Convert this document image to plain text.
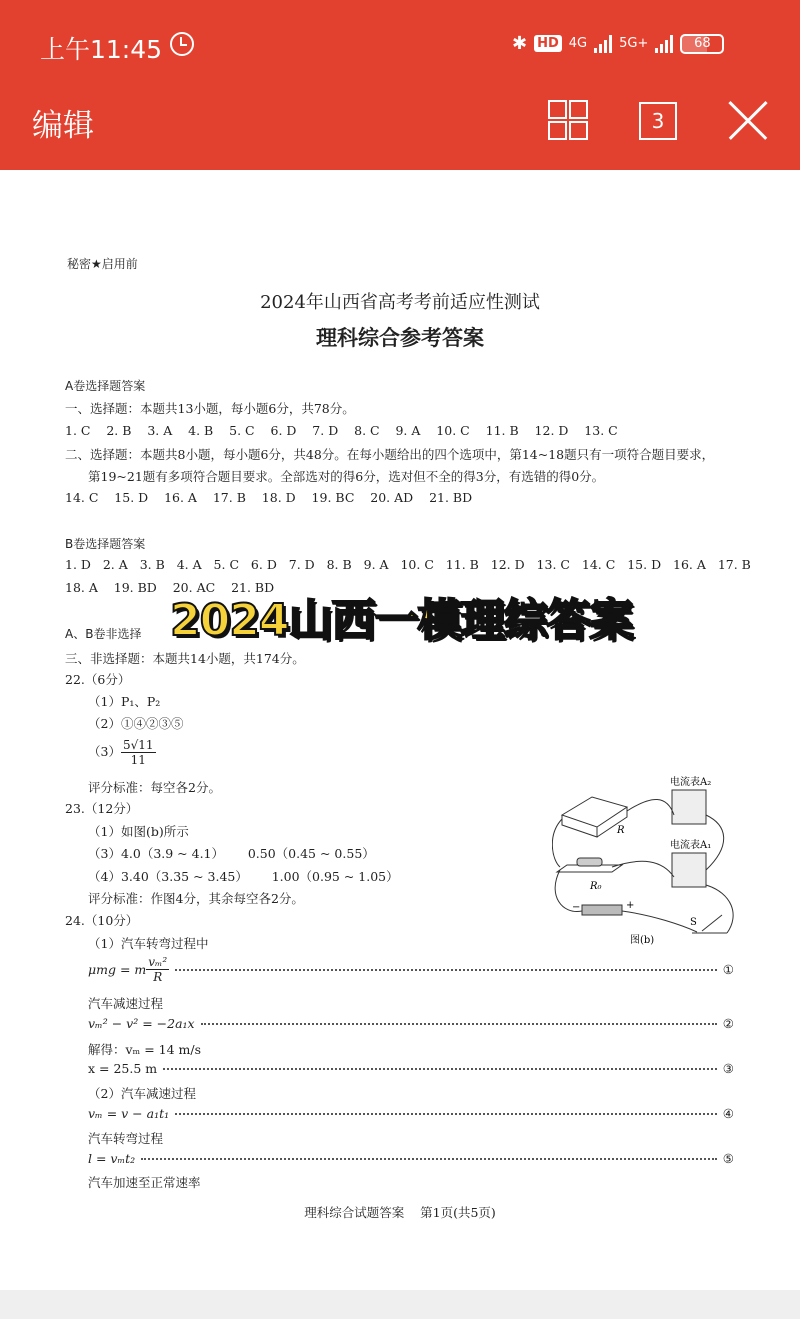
上午11:45	✱ HD 4G 5G+	68
编辑	3
秘密★启用前
2024年山西省高考考前适应性测试
理科综合参考答案
A卷选择题答案
一、选择题：本题共13小题，每小题6分，共78分。
1. C    2. B    3. A    4. B    5. C    6. D    7. D    8. C    9. A    10. C    11. B    12. D    13. C
二、选择题：本题共8小题，每小题6分，共48分。在每小题给出的四个选项中，第14~18题只有一项符合题目要求，
第19~21题有多项符合题目要求。全部选对的得6分，选对但不全的得3分，有选错的得0分。
14. C    15. D    16. A    17. B    18. D    19. BC    20. AD    21. BD
B卷选择题答案
1. D   2. A   3. B   4. A   5. C   6. D   7. D   8. B   9. A   10. C   11. B   12. D   13. C   14. C   15. D   16. A   17. B
18. A    19. BD    20. AC    21. BD
A、B卷非选择
三、非选择题：本题共14小题，共174分。
22.（6分）
（1）P₁、P₂
（2）①④②③⑤
$(3) \frac{5√11}{11}$
评分标准：每空各2分。
23.（12分）
（1）如图(b)所示
（3）4.0（3.9 ~ 4.1）      0.50（0.45 ~ 0.55）
（4）3.40（3.35 ~ 3.45）      1.00（0.95 ~ 1.05）
评分标准：作图4分，其余每空各2分。
24.（10分）
（1）汽车转弯过程中
μmg = m $\frac{\text{vₘ²}}{R}$	①
汽车减速过程
vₘ² − v² = −2a₁x	②
解得：vₘ = 14 m/s
x = 25.5 m	③
（2）汽车减速过程
vₘ = v − a₁t₁	④
汽车转弯过程
l = vₘt₂	⑤
汽车加速至正常速率
理科综合试题答案    第1页(共5页)
电流表A₂
电流表A₁
R
R₀
S
−	+
图(b)
2024山西一模理综答案
